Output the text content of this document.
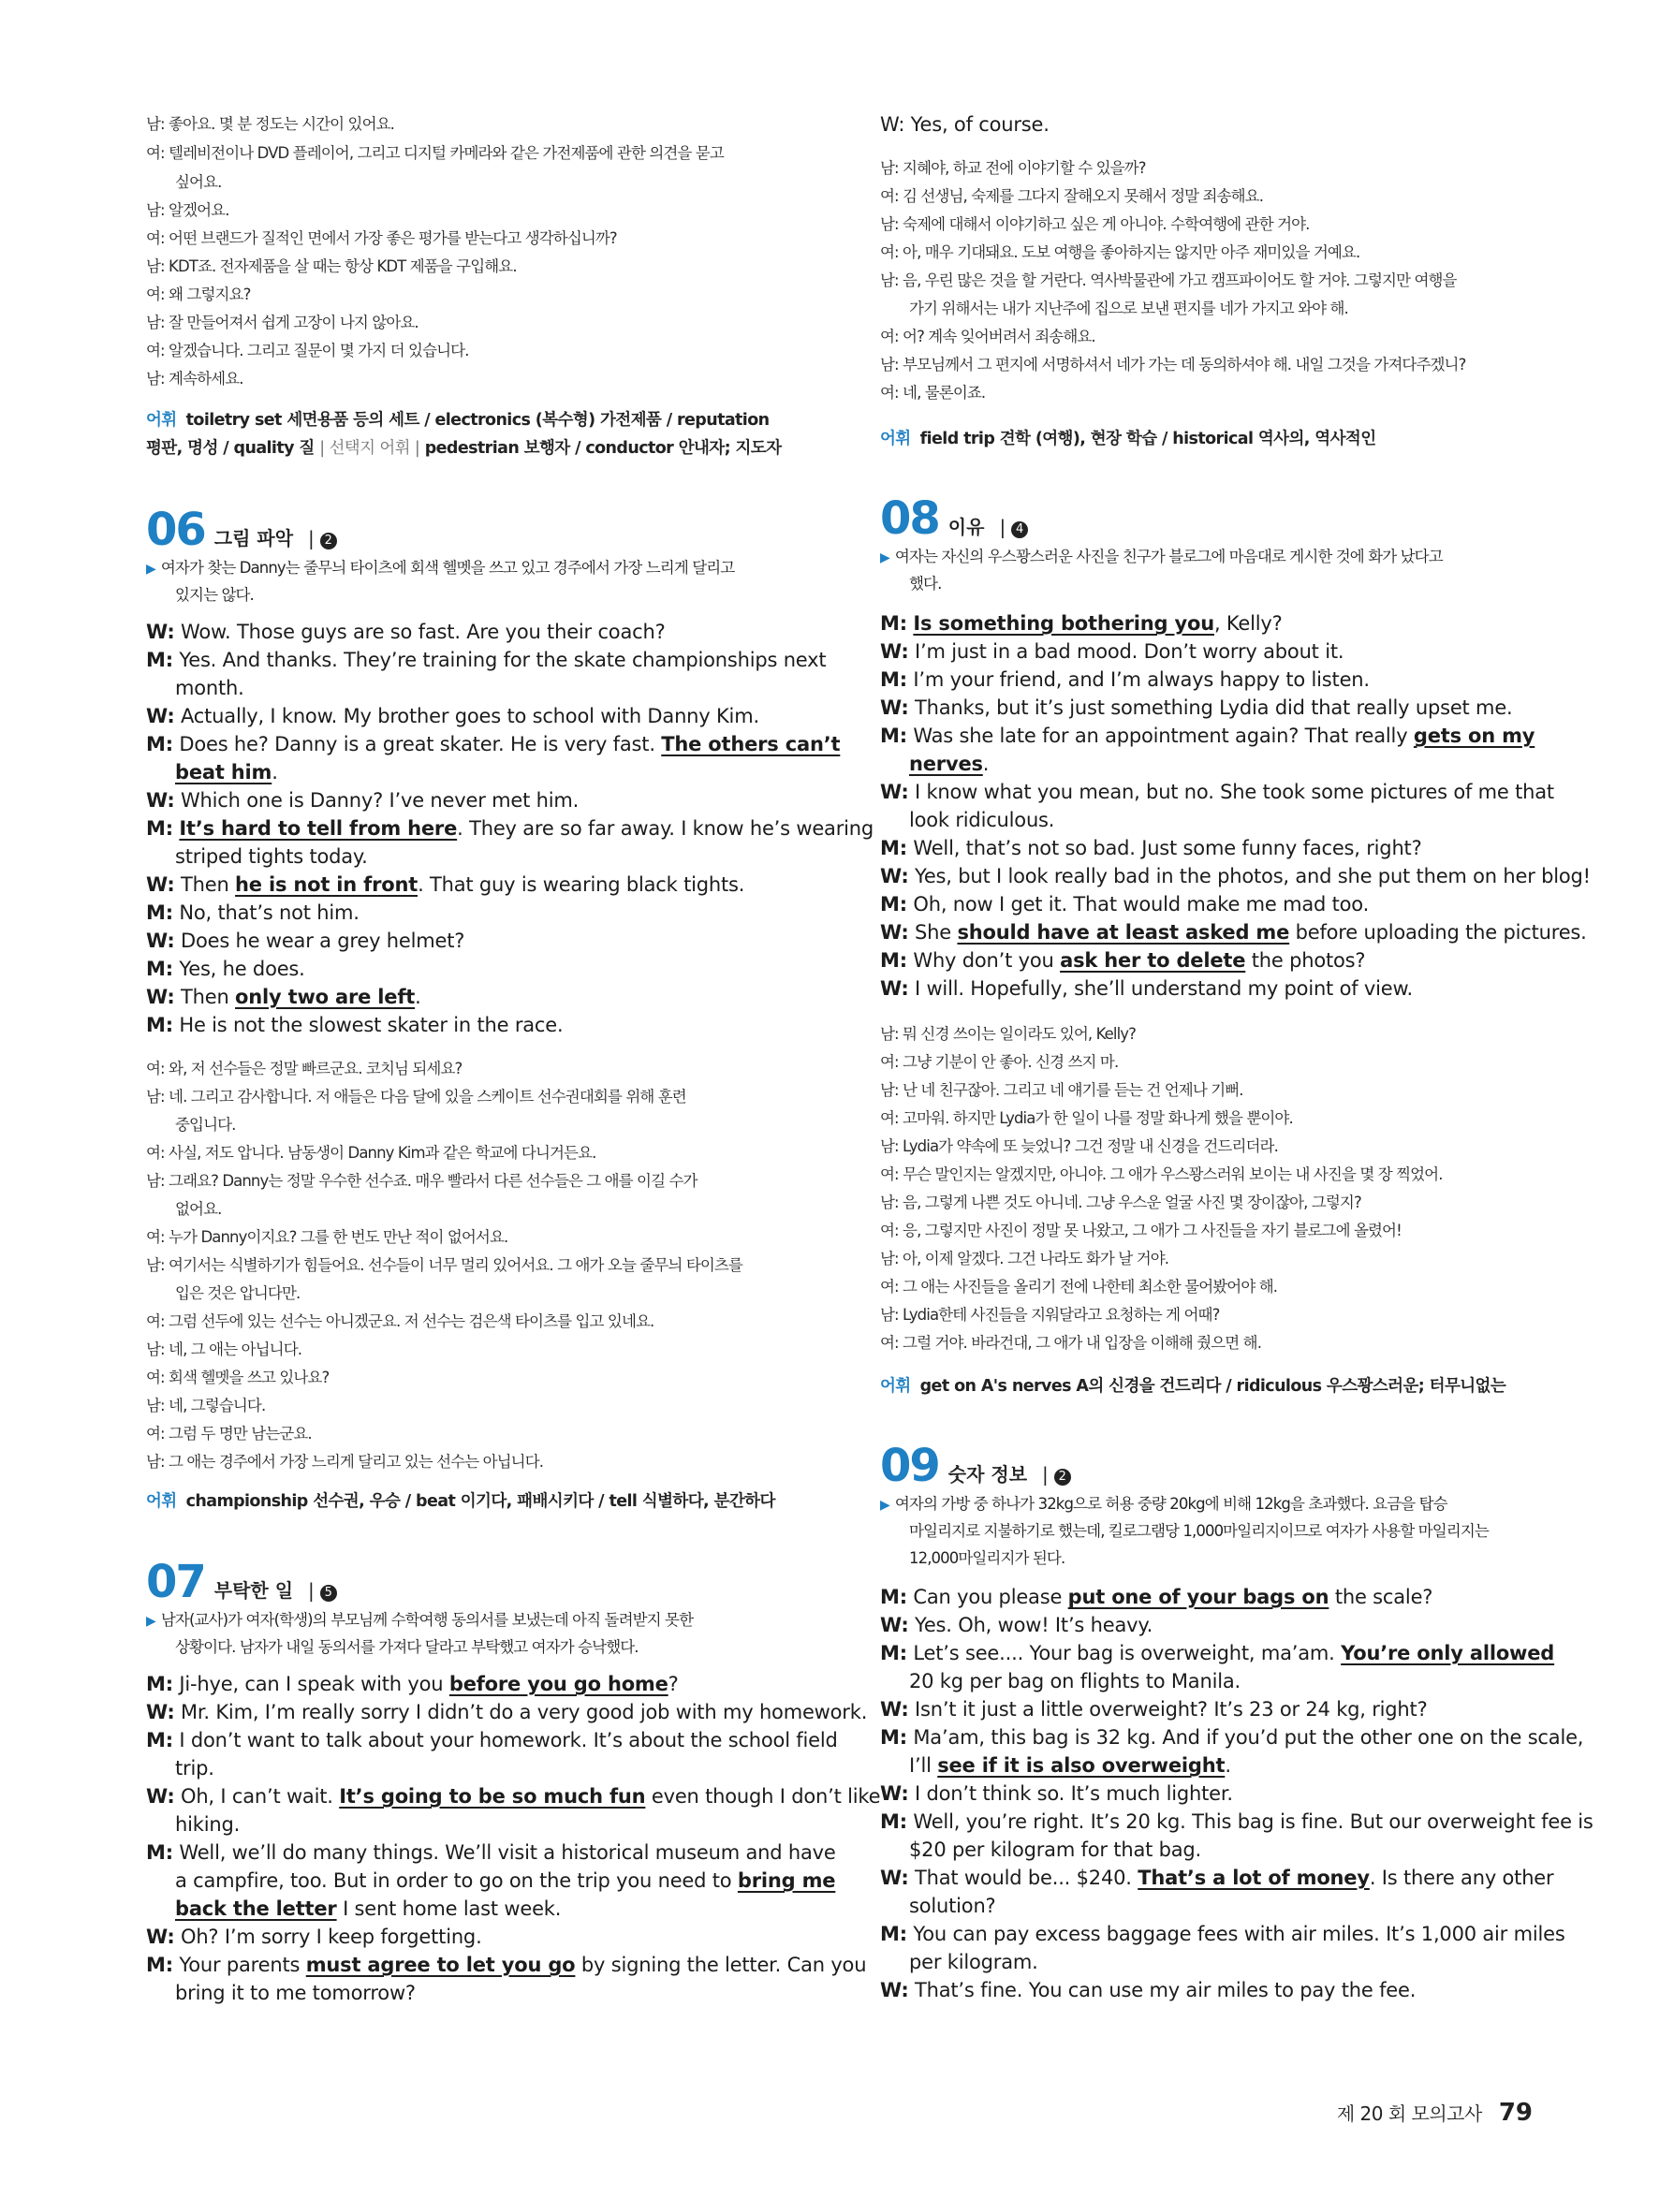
남: 좋아요. 몇 분 정도는 시간이 있어요.
여: 텔레비전이나 DVD 플레이어, 그리고 디지털 카메라와 같은 가전제품에 관한 의견을 묻고
싶어요.
남: 알겠어요.
여: 어떤 브랜드가 질적인 면에서 가장 좋은 평가를 받는다고 생각하십니까?
남: KDT죠. 전자제품을 살 때는 항상 KDT 제품을 구입해요.
여: 왜 그렇지요?
남: 잘 만들어져서 쉽게 고장이 나지 않아요.
여: 알겠습니다. 그리고 질문이 몇 가지 더 있습니다.
남: 계속하세요.
어휘 toiletry set 세면용품 등의 세트 / electronics (복수형) 가전제품 / reputation
평판, 명성 / quality 질 | 선택지 어휘 | pedestrian 보행자 / conductor 안내자; 지도자
06 그림 파악 | 2
▶ 여자가 찾는 Danny는 줄무늬 타이츠에 회색 헬멧을 쓰고 있고 경주에서 가장 느리게 달리고
있지는 않다.
W: Wow. Those guys are so fast. Are you their coach?
M: Yes. And thanks. They’re training for the skate championships next
month.
W: Actually, I know. My brother goes to school with Danny Kim.
M: Does he? Danny is a great skater. He is very fast. The others can’t
beat him.
W: Which one is Danny? I’ve never met him.
M: It’s hard to tell from here. They are so far away. I know he’s wearing
striped tights today.
W: Then he is not in front. That guy is wearing black tights.
M: No, that’s not him.
W: Does he wear a grey helmet?
M: Yes, he does.
W: Then only two are left.
M: He is not the slowest skater in the race.
여: 와, 저 선수들은 정말 빠르군요. 코치님 되세요?
남: 네. 그리고 감사합니다. 저 애들은 다음 달에 있을 스케이트 선수권대회를 위해 훈련
중입니다.
여: 사실, 저도 압니다. 남동생이 Danny Kim과 같은 학교에 다니거든요.
남: 그래요? Danny는 정말 우수한 선수죠. 매우 빨라서 다른 선수들은 그 애를 이길 수가
없어요.
여: 누가 Danny이지요? 그를 한 번도 만난 적이 없어서요.
남: 여기서는 식별하기가 힘들어요. 선수들이 너무 멀리 있어서요. 그 애가 오늘 줄무늬 타이츠를
입은 것은 압니다만.
여: 그럼 선두에 있는 선수는 아니겠군요. 저 선수는 검은색 타이츠를 입고 있네요.
남: 네, 그 애는 아닙니다.
여: 회색 헬멧을 쓰고 있나요?
남: 네, 그렇습니다.
여: 그럼 두 명만 남는군요.
남: 그 애는 경주에서 가장 느리게 달리고 있는 선수는 아닙니다.
어휘 championship 선수권, 우승 / beat 이기다, 패배시키다 / tell 식별하다, 분간하다
07 부탁한 일 | 5
▶ 남자(교사)가 여자(학생)의 부모님께 수학여행 동의서를 보냈는데 아직 돌려받지 못한
상황이다. 남자가 내일 동의서를 가져다 달라고 부탁했고 여자가 승낙했다.
M: Ji-hye, can I speak with you before you go home?
W: Mr. Kim, I’m really sorry I didn’t do a very good job with my homework.
M: I don’t want to talk about your homework. It’s about the school field
trip.
W: Oh, I can’t wait. It’s going to be so much fun even though I don’t like
hiking.
M: Well, we’ll do many things. We’ll visit a historical museum and have
a campfire, too. But in order to go on the trip you need to bring me
back the letter I sent home last week.
W: Oh? I’m sorry I keep forgetting.
M: Your parents must agree to let you go by signing the letter. Can you
bring it to me tomorrow?
W: Yes, of course.
남: 지혜야, 하교 전에 이야기할 수 있을까?
여: 김 선생님, 숙제를 그다지 잘해오지 못해서 정말 죄송해요.
남: 숙제에 대해서 이야기하고 싶은 게 아니야. 수학여행에 관한 거야.
여: 아, 매우 기대돼요. 도보 여행을 좋아하지는 않지만 아주 재미있을 거예요.
남: 음, 우린 많은 것을 할 거란다. 역사박물관에 가고 캠프파이어도 할 거야. 그렇지만 여행을
가기 위해서는 내가 지난주에 집으로 보낸 편지를 네가 가지고 와야 해.
여: 어? 계속 잊어버려서 죄송해요.
남: 부모님께서 그 편지에 서명하셔서 네가 가는 데 동의하셔야 해. 내일 그것을 가져다주겠니?
여: 네, 물론이죠.
어휘 field trip 견학 (여행), 현장 학습 / historical 역사의, 역사적인
08 이유 | 4
▶ 여자는 자신의 우스꽝스러운 사진을 친구가 블로그에 마음대로 게시한 것에 화가 났다고
했다.
M: Is something bothering you, Kelly?
W: I’m just in a bad mood. Don’t worry about it.
M: I’m your friend, and I’m always happy to listen.
W: Thanks, but it’s just something Lydia did that really upset me.
M: Was she late for an appointment again? That really gets on my
nerves.
W: I know what you mean, but no. She took some pictures of me that
look ridiculous.
M: Well, that’s not so bad. Just some funny faces, right?
W: Yes, but I look really bad in the photos, and she put them on her blog!
M: Oh, now I get it. That would make me mad too.
W: She should have at least asked me before uploading the pictures.
M: Why don’t you ask her to delete the photos?
W: I will. Hopefully, she’ll understand my point of view.
남: 뭐 신경 쓰이는 일이라도 있어, Kelly?
여: 그냥 기분이 안 좋아. 신경 쓰지 마.
남: 난 네 친구잖아. 그리고 네 얘기를 듣는 건 언제나 기뻐.
여: 고마워. 하지만 Lydia가 한 일이 나를 정말 화나게 했을 뿐이야.
남: Lydia가 약속에 또 늦었니? 그건 정말 내 신경을 건드리더라.
여: 무슨 말인지는 알겠지만, 아니야. 그 애가 우스꽝스러워 보이는 내 사진을 몇 장 찍었어.
남: 음, 그렇게 나쁜 것도 아니네. 그냥 우스운 얼굴 사진 몇 장이잖아, 그렇지?
여: 응, 그렇지만 사진이 정말 못 나왔고, 그 애가 그 사진들을 자기 블로그에 올렸어!
남: 아, 이제 알겠다. 그건 나라도 화가 날 거야.
여: 그 애는 사진들을 올리기 전에 나한테 최소한 물어봤어야 해.
남: Lydia한테 사진들을 지워달라고 요청하는 게 어때?
여: 그럴 거야. 바라건대, 그 애가 내 입장을 이해해 줬으면 해.
어휘 get on A's nerves A의 신경을 건드리다 / ridiculous 우스꽝스러운; 터무니없는
09 숫자 정보 | 2
▶ 여자의 가방 중 하나가 32kg으로 허용 중량 20kg에 비해 12kg을 초과했다. 요금을 탑승
마일리지로 지불하기로 했는데, 킬로그램당 1,000마일리지이므로 여자가 사용할 마일리지는
12,000마일리지가 된다.
M: Can you please put one of your bags on the scale?
W: Yes. Oh, wow! It’s heavy.
M: Let’s see.... Your bag is overweight, ma’am. You’re only allowed
20 kg per bag on flights to Manila.
W: Isn’t it just a little overweight? It’s 23 or 24 kg, right?
M: Ma’am, this bag is 32 kg. And if you’d put the other one on the scale,
I’ll see if it is also overweight.
W: I don’t think so. It’s much lighter.
M: Well, you’re right. It’s 20 kg. This bag is fine. But our overweight fee is
$20 per kilogram for that bag.
W: That would be... $240. That’s a lot of money. Is there any other
solution?
M: You can pay excess baggage fees with air miles. It’s 1,000 air miles
per kilogram.
W: That’s fine. You can use my air miles to pay the fee.
제 20 회 모의고사 79
